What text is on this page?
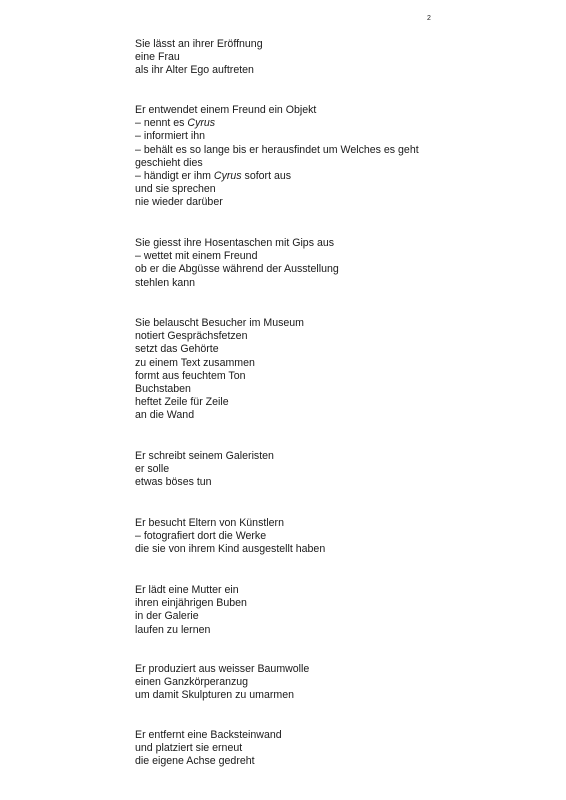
2
Sie lässt an ihrer Eröffnung
eine Frau
als ihr Alter Ego auftreten
Er entwendet einem Freund ein Objekt
– nennt es Cyrus
– informiert ihn
– behält es so lange bis er herausfindet um Welches es geht
geschieht dies
– händigt er ihm Cyrus sofort aus
und sie sprechen
nie wieder darüber
Sie giesst ihre Hosentaschen mit Gips aus
– wettet mit einem Freund
ob er die Abgüsse während der Ausstellung
stehlen kann
Sie belauscht Besucher im Museum
notiert Gesprächsfetzen
setzt das Gehörte
zu einem Text zusammen
formt aus feuchtem Ton
Buchstaben
heftet Zeile für Zeile
an die Wand
Er schreibt seinem Galeristen
er solle
etwas böses tun
Er besucht Eltern von Künstlern
– fotografiert dort die Werke
die sie von ihrem Kind ausgestellt haben
Er lädt eine Mutter ein
ihren einjährigen Buben
in der Galerie
laufen zu lernen
Er produziert aus weisser Baumwolle
einen Ganzkörperanzug
um damit Skulpturen zu umarmen
Er entfernt eine Backsteinwand
und platziert sie erneut
die eigene Achse gedreht
